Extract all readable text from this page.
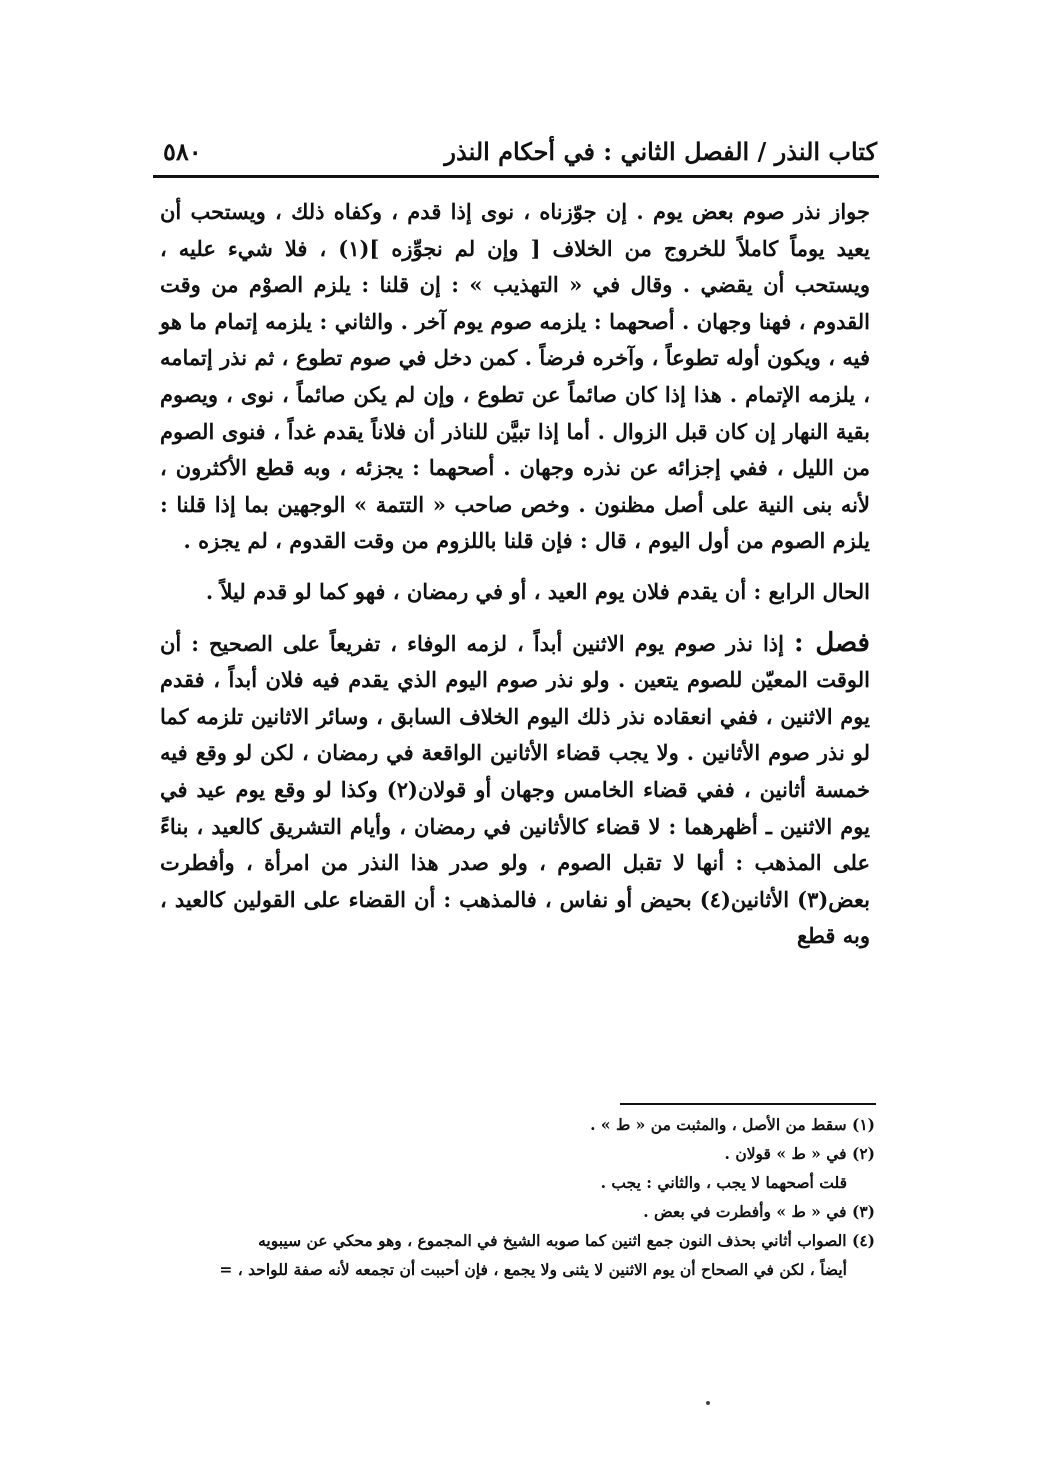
كتاب النذر / الفصل الثاني : في أحكام النذر
٥٨٠

جواز نذر صوم بعض يوم . إن جوّزناه ، نوى إذا قدم ، وكفاه ذلك ، ويستحب أن يعيد يوماً كاملاً للخروج من الخلاف [ وإن لم نجوِّزه ](١) ، فلا شيء عليه ، ويستحب أن يقضي . وقال في « التهذيب » : إن قلنا : يلزم الصوْم من وقت القدوم ، فهنا وجهان . أصحهما : يلزمه صوم يوم آخر . والثاني : يلزمه إتمام ما هو فيه ، ويكون أوله تطوعاً ، وآخره فرضاً . كمن دخل في صوم تطوع ، ثم نذر إتمامه ، يلزمه الإتمام . هذا إذا كان صائماً عن تطوع ، وإن لم يكن صائماً ، نوى ، ويصوم بقية النهار إن كان قبل الزوال . أما إذا تبيَّن للناذر أن فلاناً يقدم غداً ، فنوى الصوم من الليل ، ففي إجزائه عن نذره وجهان . أصحهما : يجزئه ، وبه قطع الأكثرون ، لأنه بنى النية على أصل مظنون . وخص صاحب « التتمة » الوجهين بما إذا قلنا : يلزم الصوم من أول اليوم ، قال : فإن قلنا باللزوم من وقت القدوم ، لم يجزه .

الحال الرابع : أن يقدم فلان يوم العيد ، أو في رمضان ، فهو كما لو قدم ليلاً .

فصل : إذا نذر صوم يوم الاثنين أبداً ، لزمه الوفاء ، تفريعاً على الصحيح : أن الوقت المعيّن للصوم يتعين . ولو نذر صوم اليوم الذي يقدم فيه فلان أبداً ، فقدم يوم الاثنين ، ففي انعقاده نذر ذلك اليوم الخلاف السابق ، وسائر الاثانين تلزمه كما لو نذر صوم الأثانين . ولا يجب قضاء الأثانين الواقعة في رمضان ، لكن لو وقع فيه خمسة أثانين ، ففي قضاء الخامس وجهان أو قولان(٢) وكذا لو وقع يوم عيد في يوم الاثنين ـ أظهرهما : لا قضاء كالأثانين في رمضان ، وأيام التشريق كالعيد ، بناءً على المذهب : أنها لا تقبل الصوم ، ولو صدر هذا النذر من امرأة ، وأفطرت بعض(٣) الأثانين(٤) بحيض أو نفاس ، فالمذهب : أن القضاء على القولين كالعيد ، وبه قطع

(١) سقط من الأصل ، والمثبت من « ط » .

(٢) في « ط » قولان .

قلت أصحهما لا يجب ، والثاني : يجب .

(٣) في « ط » وأفطرت في بعض .

(٤) الصواب أثاني بحذف النون جمع اثنين كما صوبه الشيخ في المجموع ، وهو محكي عن سيبويه

أيضاً ، لكن في الصحاح أن يوم الاثنين لا يثنى ولا يجمع ، فإن أحببت أن تجمعه لأنه صفة للواحد ، =
